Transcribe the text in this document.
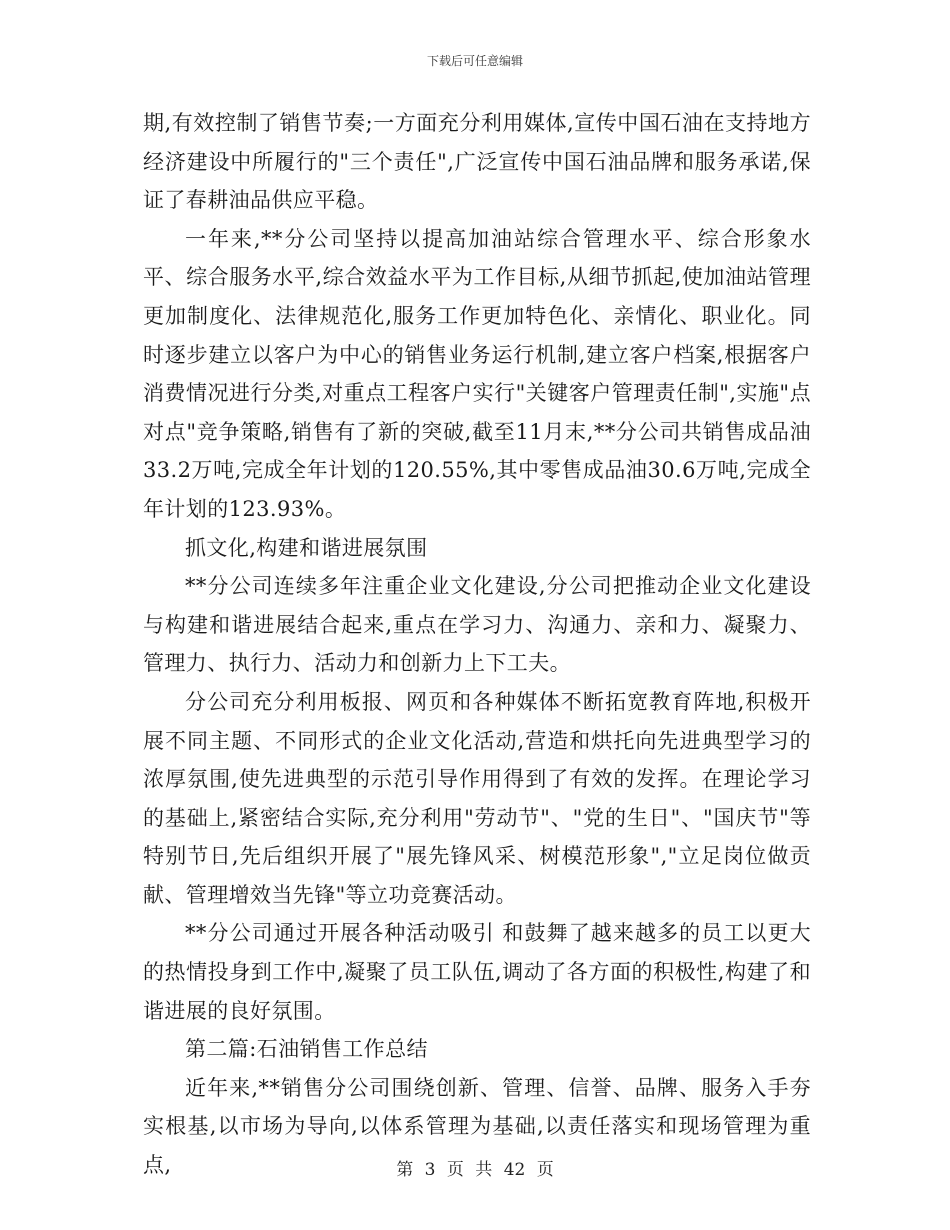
下载后可任意编辑

期,有效控制了销售节奏;一方面充分利用媒体,宣传中国石油在支持地方经济建设中所履行的"三个责任",广泛宣传中国石油品牌和服务承诺,保证了春耕油品供应平稳。

一年来,**分公司坚持以提高加油站综合管理水平、综合形象水平、综合服务水平,综合效益水平为工作目标,从细节抓起,使加油站管理更加制度化、法律规范化,服务工作更加特色化、亲情化、职业化。同时逐步建立以客户为中心的销售业务运行机制,建立客户档案,根据客户消费情况进行分类,对重点工程客户实行"关键客户管理责任制",实施"点对点"竞争策略,销售有了新的突破,截至11月末,**分公司共销售成品油33.2万吨,完成全年计划的120.55%,其中零售成品油30.6万吨,完成全年计划的123.93%。

抓文化,构建和谐进展氛围

**分公司连续多年注重企业文化建设,分公司把推动企业文化建设与构建和谐进展结合起来,重点在学习力、沟通力、亲和力、凝聚力、管理力、执行力、活动力和创新力上下工夫。

分公司充分利用板报、网页和各种媒体不断拓宽教育阵地,积极开展不同主题、不同形式的企业文化活动,营造和烘托向先进典型学习的浓厚氛围,使先进典型的示范引导作用得到了有效的发挥。在理论学习的基础上,紧密结合实际,充分利用"劳动节"、"党的生日"、"国庆节"等特别节日,先后组织开展了"展先锋风采、树模范形象","立足岗位做贡献、管理增效当先锋"等立功竞赛活动。

**分公司通过开展各种活动吸引 和鼓舞了越来越多的员工以更大的热情投身到工作中,凝聚了员工队伍,调动了各方面的积极性,构建了和谐进展的良好氛围。

第二篇:石油销售工作总结

近年来,**销售分公司围绕创新、管理、信誉、品牌、服务入手夯实根基,以市场为导向,以体系管理为基础,以责任落实和现场管理为重点,	第 3 页 共 42 页
